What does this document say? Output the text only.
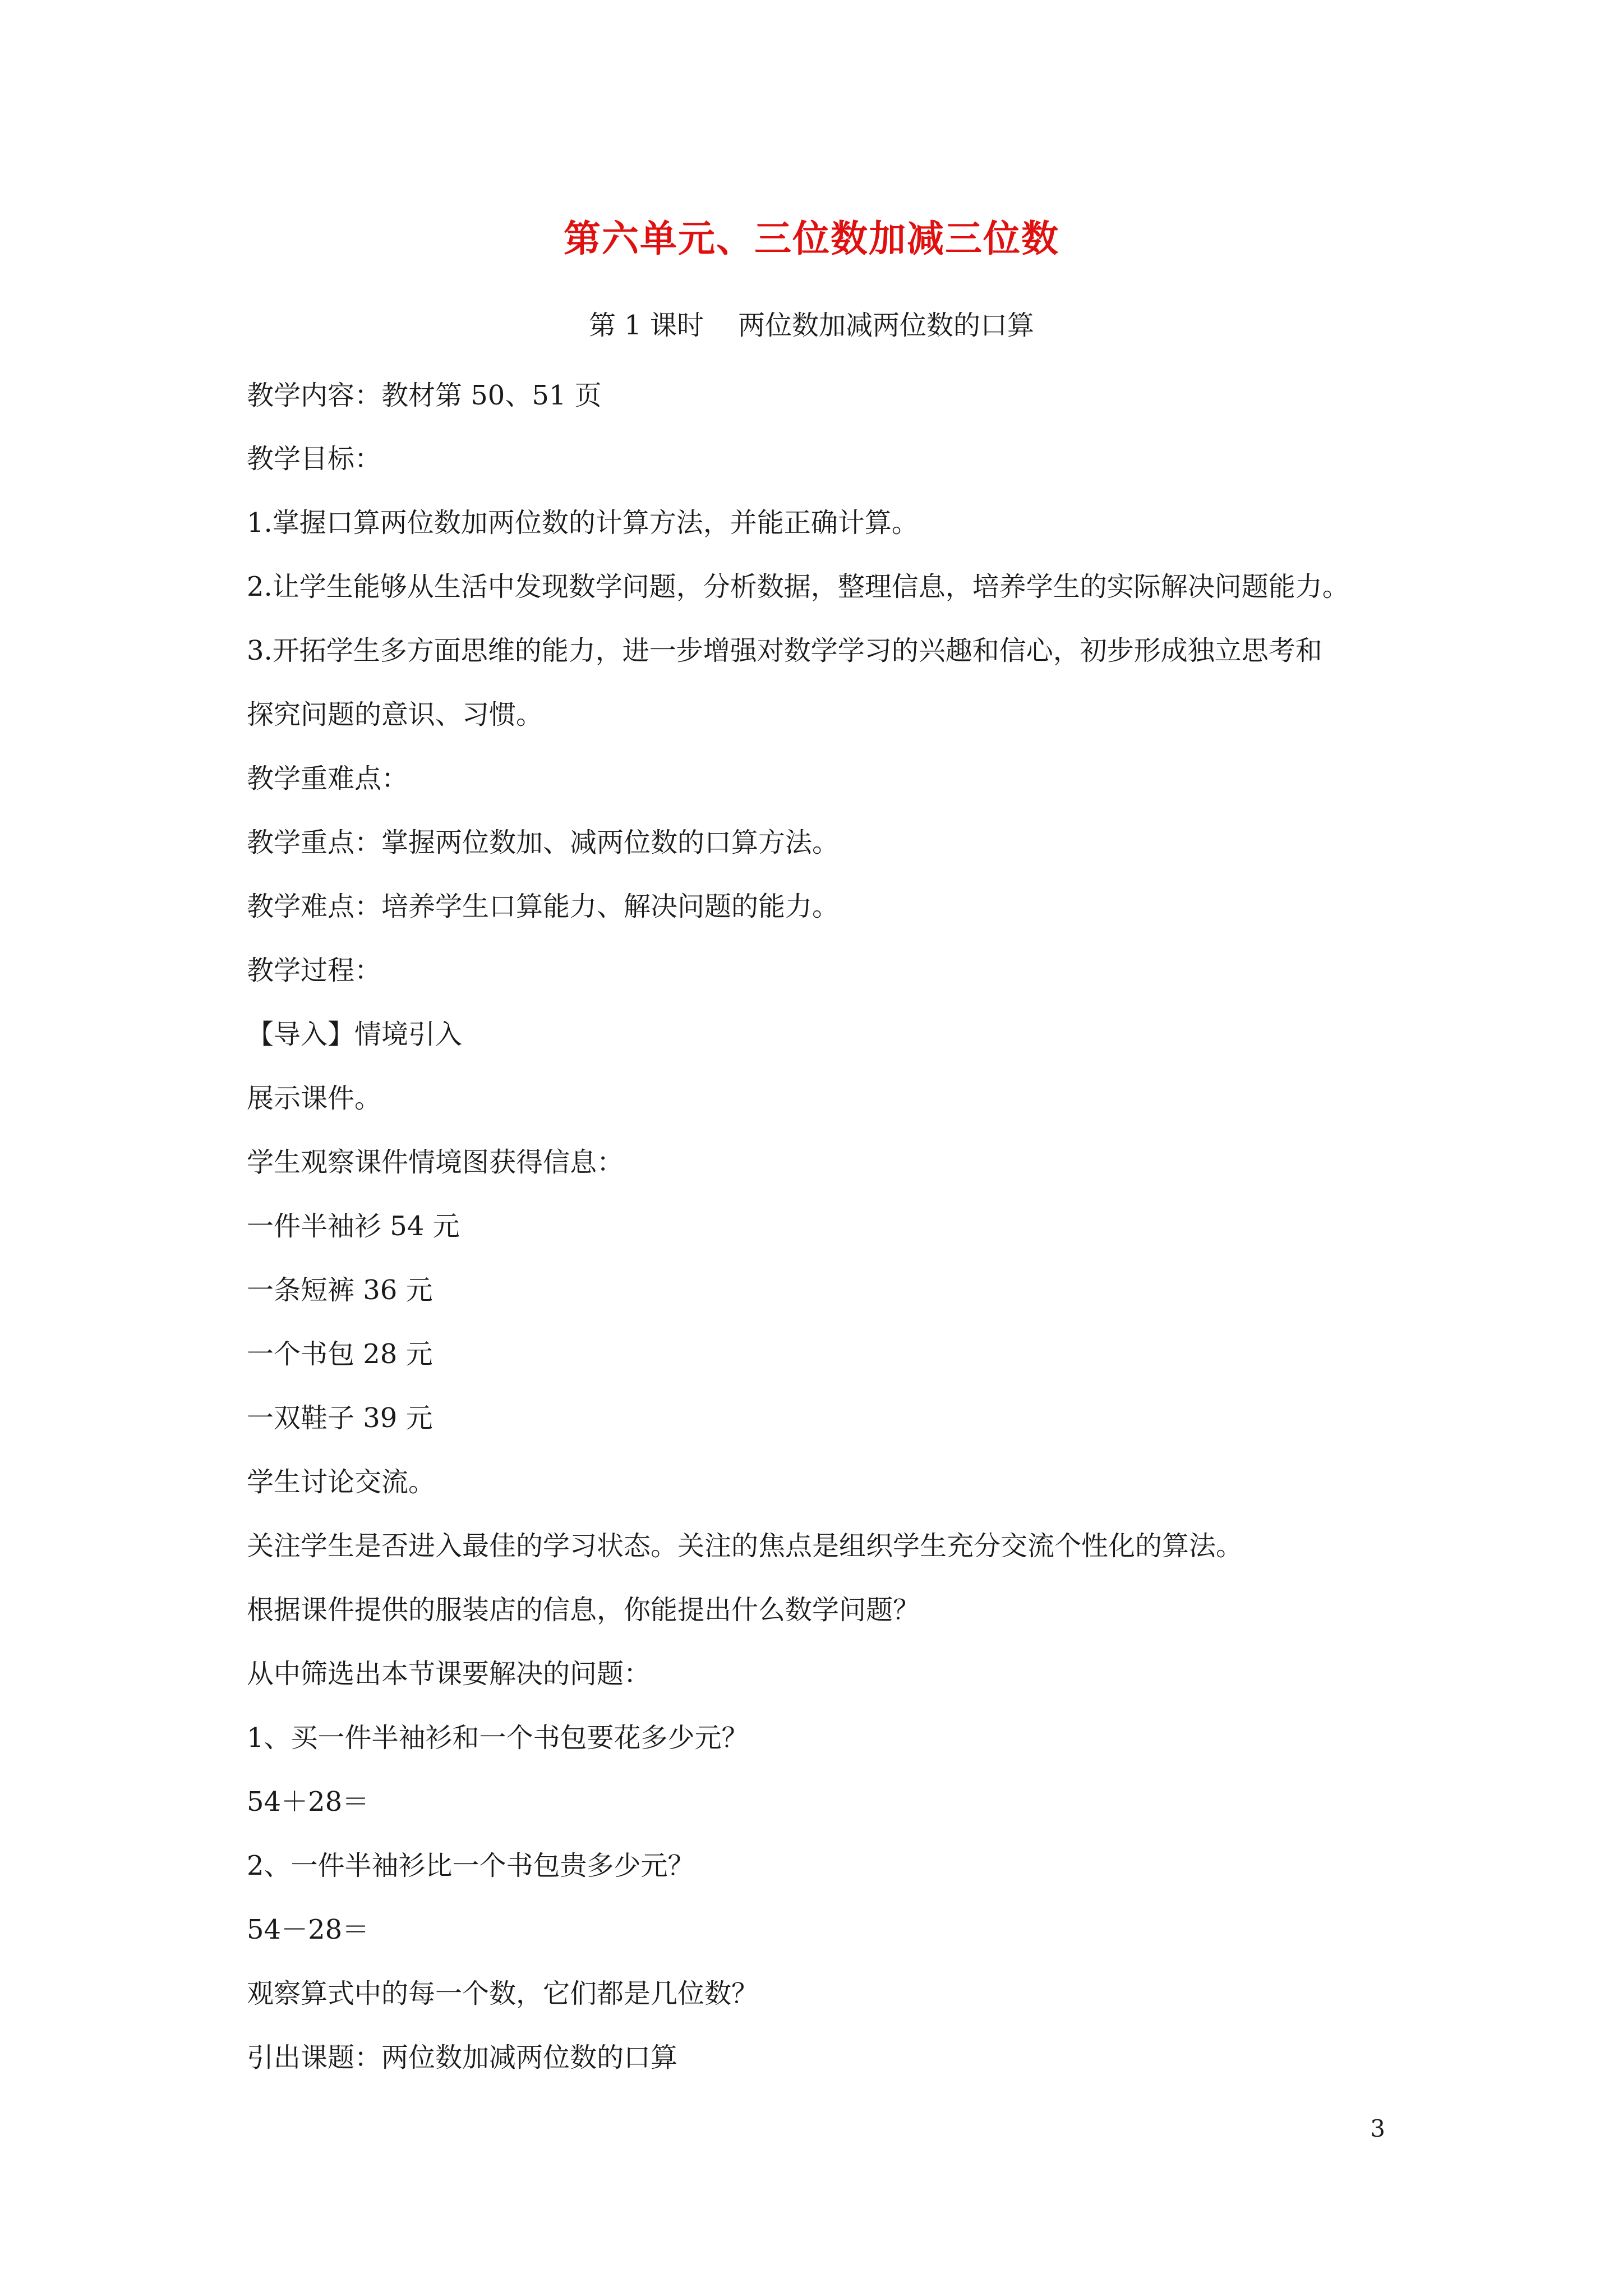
第六单元、三位数加减三位数
第 1 课时    两位数加减两位数的口算
教学内容：教材第 50、51 页
教学目标：
1.掌握口算两位数加两位数的计算方法，并能正确计算。
2.让学生能够从生活中发现数学问题，分析数据，整理信息，培养学生的实际解决问题能力。
3.开拓学生多方面思维的能力，进一步增强对数学学习的兴趣和信心，初步形成独立思考和
探究问题的意识、习惯。
教学重难点：
教学重点：掌握两位数加、减两位数的口算方法。
教学难点：培养学生口算能力、解决问题的能力。
教学过程：
【导入】情境引入
展示课件。
学生观察课件情境图获得信息：
一件半袖衫 54 元
一条短裤 36 元
一个书包 28 元
一双鞋子 39 元
学生讨论交流。
关注学生是否进入最佳的学习状态。关注的焦点是组织学生充分交流个性化的算法。
根据课件提供的服装店的信息，你能提出什么数学问题？
从中筛选出本节课要解决的问题：
1、买一件半袖衫和一个书包要花多少元？
54＋28＝
2、一件半袖衫比一个书包贵多少元？
54－28＝
观察算式中的每一个数，它们都是几位数？
引出课题：两位数加减两位数的口算
3
